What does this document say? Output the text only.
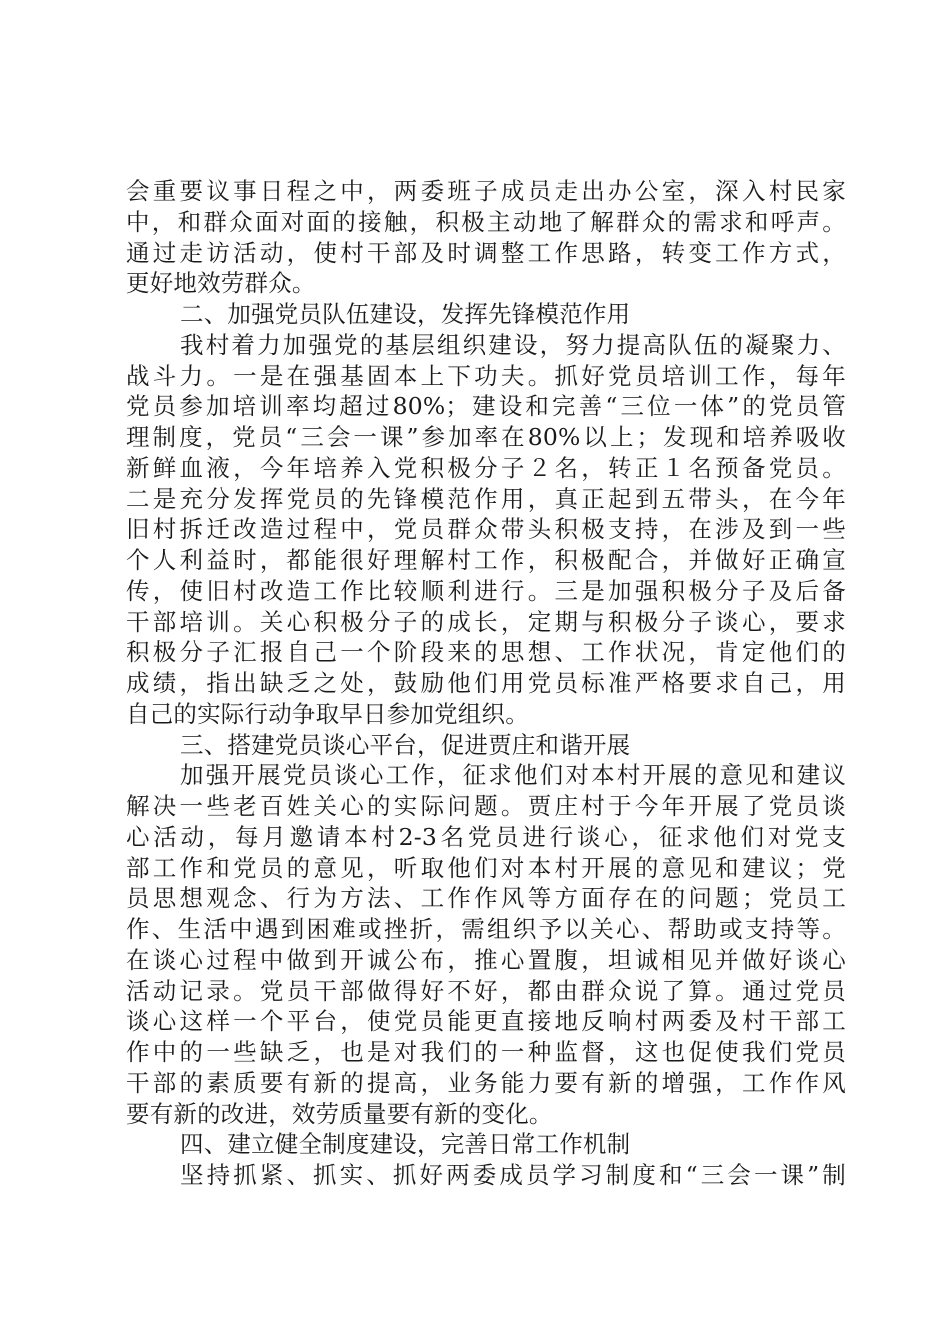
会重要议事日程之中，两委班子成员走出办公室，深入村民家
中，和群众面对面的接触，积极主动地了解群众的需求和呼声。
通过走访活动，使村干部及时调整工作思路，转变工作方式，
更好地效劳群众。
二、加强党员队伍建设，发挥先锋模范作用
我村着力加强党的基层组织建设，努力提高队伍的凝聚力、
战斗力。一是在强基固本上下功夫。抓好党员培训工作，每年
党员参加培训率均超过80%；建设和完善“三位一体”的党员管
理制度，党员“三会一课”参加率在80%以上；发现和培养吸收
新鲜血液，今年培养入党积极分子２名，转正１名预备党员。
二是充分发挥党员的先锋模范作用，真正起到五带头，在今年
旧村拆迁改造过程中，党员群众带头积极支持，在涉及到一些
个人利益时，都能很好理解村工作，积极配合，并做好正确宣
传，使旧村改造工作比较顺利进行。三是加强积极分子及后备
干部培训。关心积极分子的成长，定期与积极分子谈心，要求
积极分子汇报自己一个阶段来的思想、工作状况，肯定他们的
成绩，指出缺乏之处，鼓励他们用党员标准严格要求自己，用
自己的实际行动争取早日参加党组织。
三、搭建党员谈心平台，促进贾庄和谐开展
加强开展党员谈心工作，征求他们对本村开展的意见和建议
解决一些老百姓关心的实际问题。贾庄村于今年开展了党员谈
心活动，每月邀请本村2-3名党员进行谈心，征求他们对党支
部工作和党员的意见，听取他们对本村开展的意见和建议；党
员思想观念、行为方法、工作作风等方面存在的问题；党员工
作、生活中遇到困难或挫折，需组织予以关心、帮助或支持等。
在谈心过程中做到开诚公布，推心置腹，坦诚相见并做好谈心
活动记录。党员干部做得好不好，都由群众说了算。通过党员
谈心这样一个平台，使党员能更直接地反响村两委及村干部工
作中的一些缺乏，也是对我们的一种监督，这也促使我们党员
干部的素质要有新的提高，业务能力要有新的增强，工作作风
要有新的改进，效劳质量要有新的变化。
四、建立健全制度建设，完善日常工作机制
坚持抓紧、抓实、抓好两委成员学习制度和“三会一课”制
